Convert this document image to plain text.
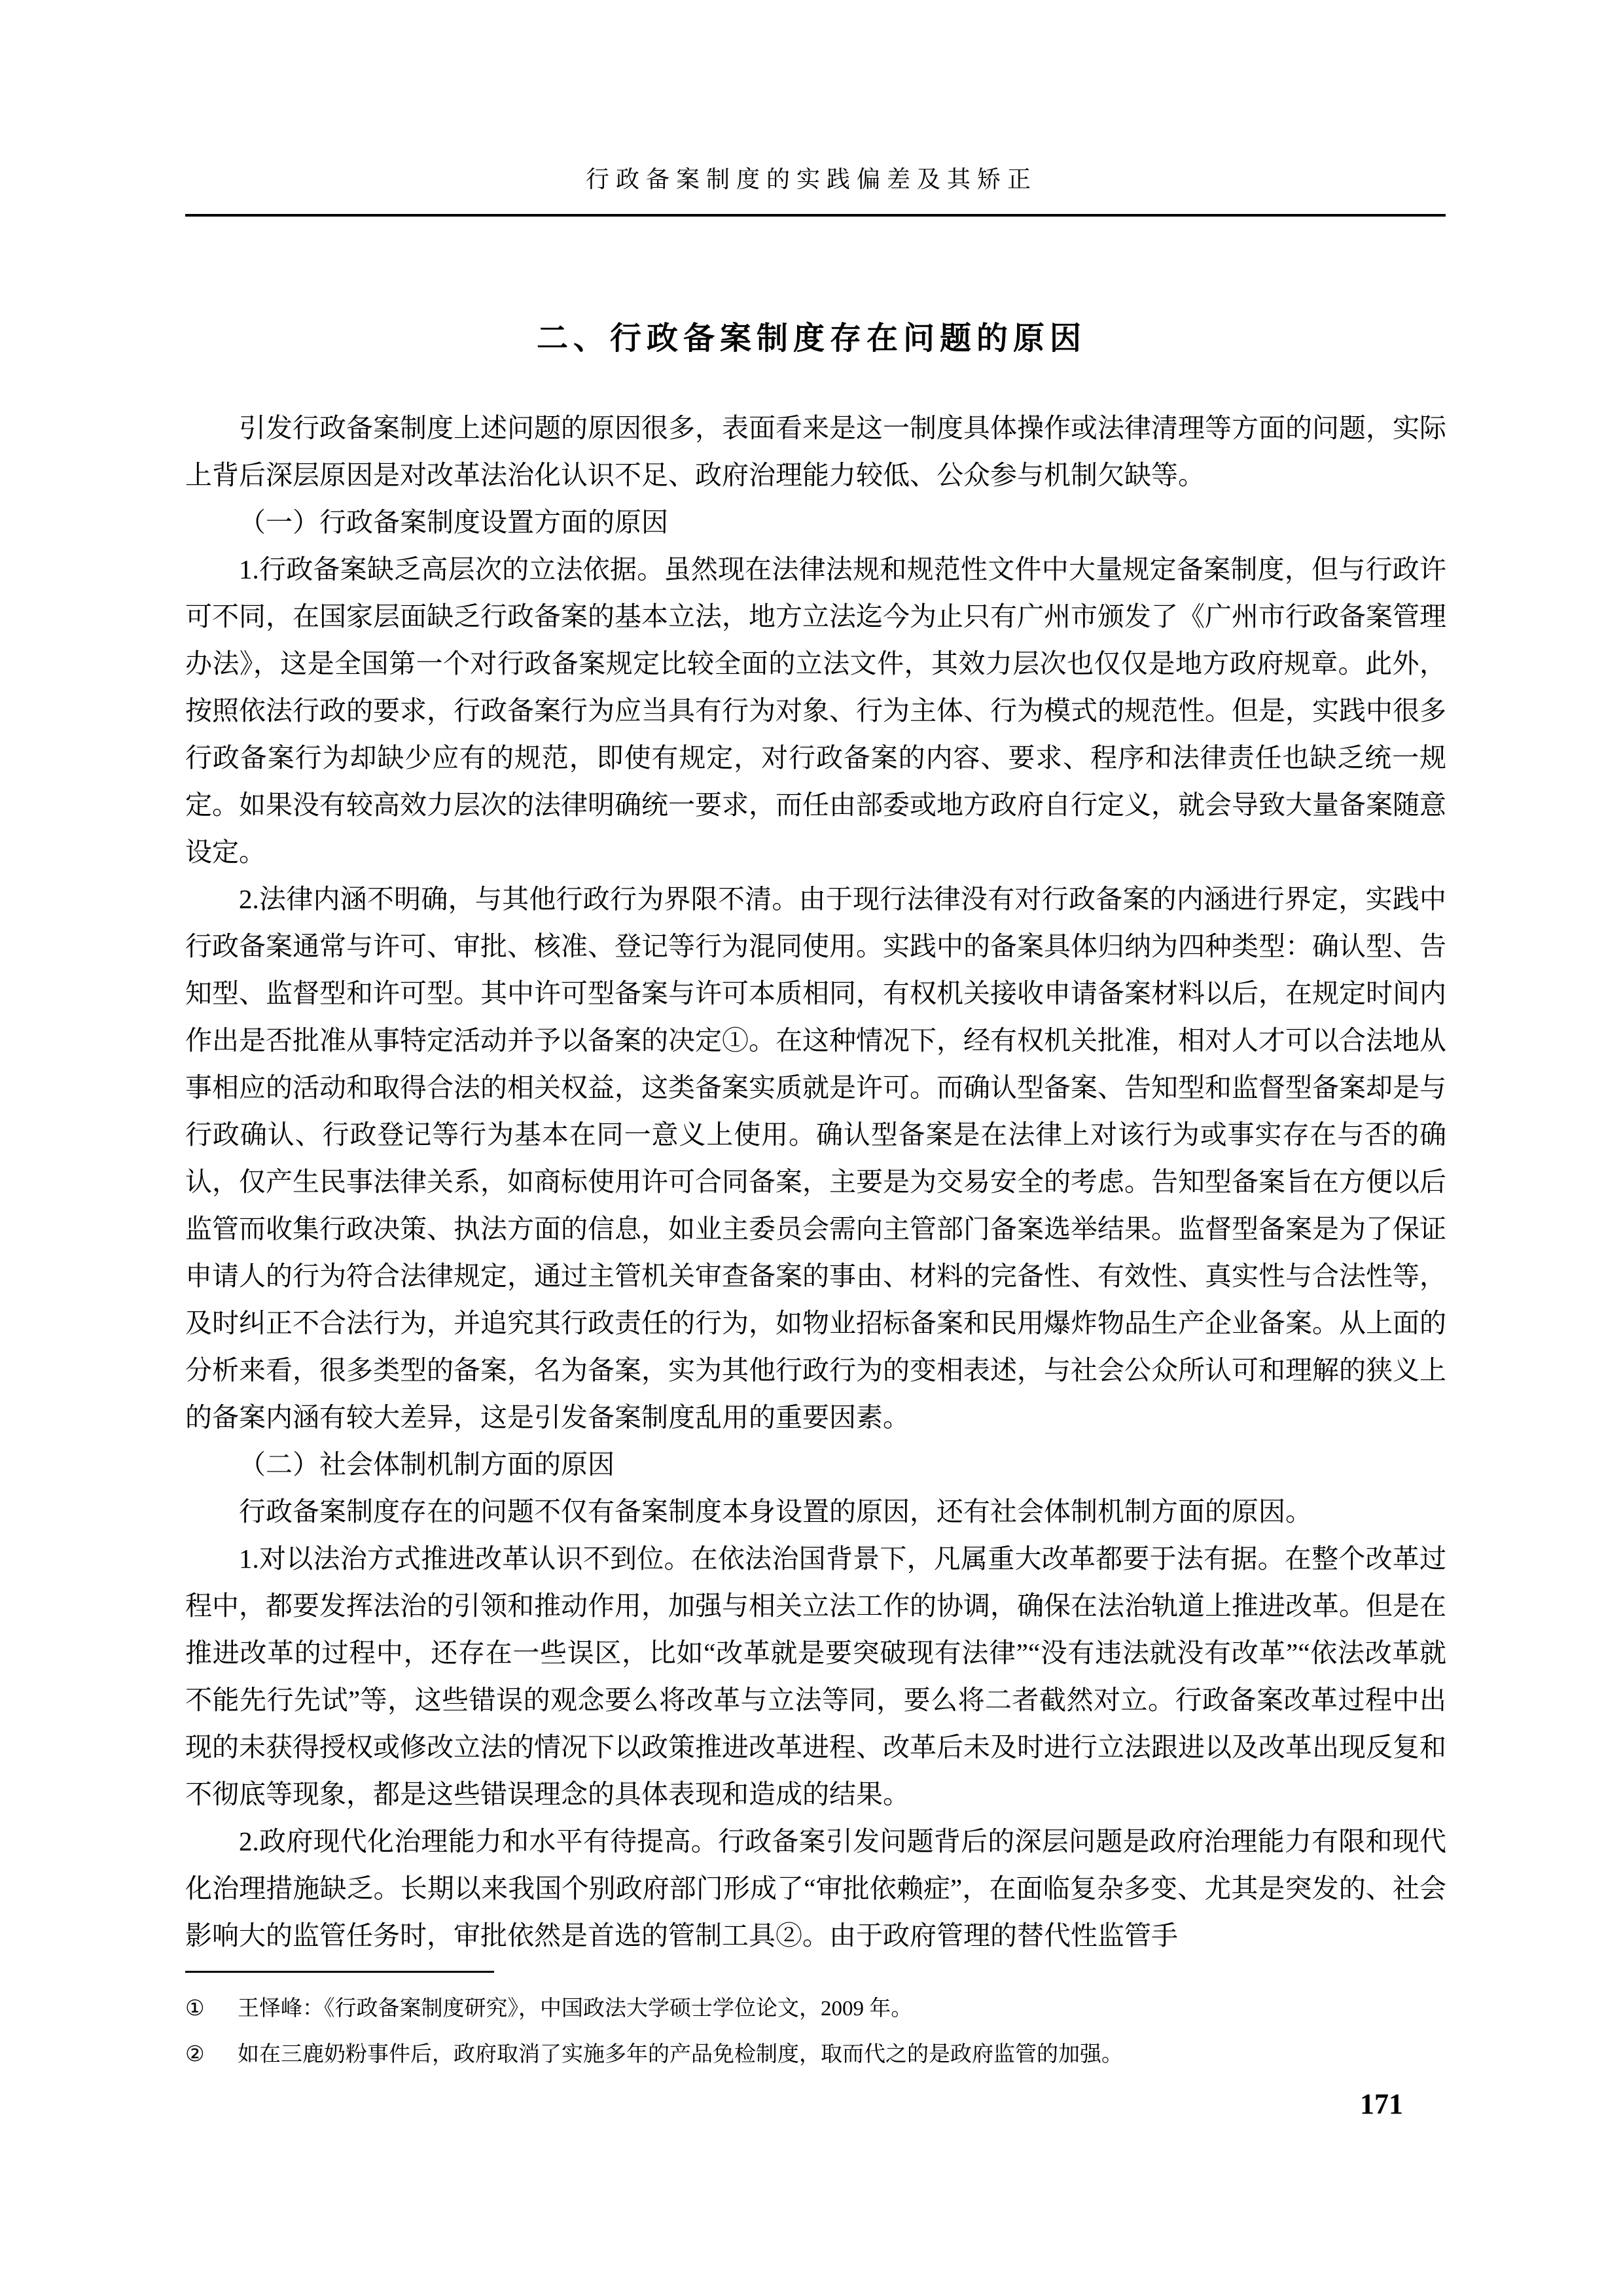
行政备案制度的实践偏差及其矫正
二、行政备案制度存在问题的原因

引发行政备案制度上述问题的原因很多，表面看来是这一制度具体操作或法律清理等方面的问题，实际上背后深层原因是对改革法治化认识不足、政府治理能力较低、公众参与机制欠缺等。

（一）行政备案制度设置方面的原因

1.行政备案缺乏高层次的立法依据。虽然现在法律法规和规范性文件中大量规定备案制度，但与行政许可不同，在国家层面缺乏行政备案的基本立法，地方立法迄今为止只有广州市颁发了《广州市行政备案管理办法》，这是全国第一个对行政备案规定比较全面的立法文件，其效力层次也仅仅是地方政府规章。此外，按照依法行政的要求，行政备案行为应当具有行为对象、行为主体、行为模式的规范性。但是，实践中很多行政备案行为却缺少应有的规范，即使有规定，对行政备案的内容、要求、程序和法律责任也缺乏统一规定。如果没有较高效力层次的法律明确统一要求，而任由部委或地方政府自行定义，就会导致大量备案随意设定。

2.法律内涵不明确，与其他行政行为界限不清。由于现行法律没有对行政备案的内涵进行界定，实践中行政备案通常与许可、审批、核准、登记等行为混同使用。实践中的备案具体归纳为四种类型：确认型、告知型、监督型和许可型。其中许可型备案与许可本质相同，有权机关接收申请备案材料以后，在规定时间内作出是否批准从事特定活动并予以备案的决定①。在这种情况下，经有权机关批准，相对人才可以合法地从事相应的活动和取得合法的相关权益，这类备案实质就是许可。而确认型备案、告知型和监督型备案却是与行政确认、行政登记等行为基本在同一意义上使用。确认型备案是在法律上对该行为或事实存在与否的确认，仅产生民事法律关系，如商标使用许可合同备案，主要是为交易安全的考虑。告知型备案旨在方便以后监管而收集行政决策、执法方面的信息，如业主委员会需向主管部门备案选举结果。监督型备案是为了保证申请人的行为符合法律规定，通过主管机关审查备案的事由、材料的完备性、有效性、真实性与合法性等，及时纠正不合法行为，并追究其行政责任的行为，如物业招标备案和民用爆炸物品生产企业备案。从上面的分析来看，很多类型的备案，名为备案，实为其他行政行为的变相表述，与社会公众所认可和理解的狭义上的备案内涵有较大差异，这是引发备案制度乱用的重要因素。

（二）社会体制机制方面的原因

行政备案制度存在的问题不仅有备案制度本身设置的原因，还有社会体制机制方面的原因。

1.对以法治方式推进改革认识不到位。在依法治国背景下，凡属重大改革都要于法有据。在整个改革过程中，都要发挥法治的引领和推动作用，加强与相关立法工作的协调，确保在法治轨道上推进改革。但是在推进改革的过程中，还存在一些误区，比如“改革就是要突破现有法律”“没有违法就没有改革”“依法改革就不能先行先试”等，这些错误的观念要么将改革与立法等同，要么将二者截然对立。行政备案改革过程中出现的未获得授权或修改立法的情况下以政策推进改革进程、改革后未及时进行立法跟进以及改革出现反复和不彻底等现象，都是这些错误理念的具体表现和造成的结果。

2.政府现代化治理能力和水平有待提高。行政备案引发问题背后的深层问题是政府治理能力有限和现代化治理措施缺乏。长期以来我国个别政府部门形成了“审批依赖症”，在面临复杂多变、尤其是突发的、社会影响大的监管任务时，审批依然是首选的管制工具②。由于政府管理的替代性监管手

①	王怿峰：《行政备案制度研究》，中国政法大学硕士学位论文，2009 年。
②	如在三鹿奶粉事件后，政府取消了实施多年的产品免检制度，取而代之的是政府监管的加强。
171
